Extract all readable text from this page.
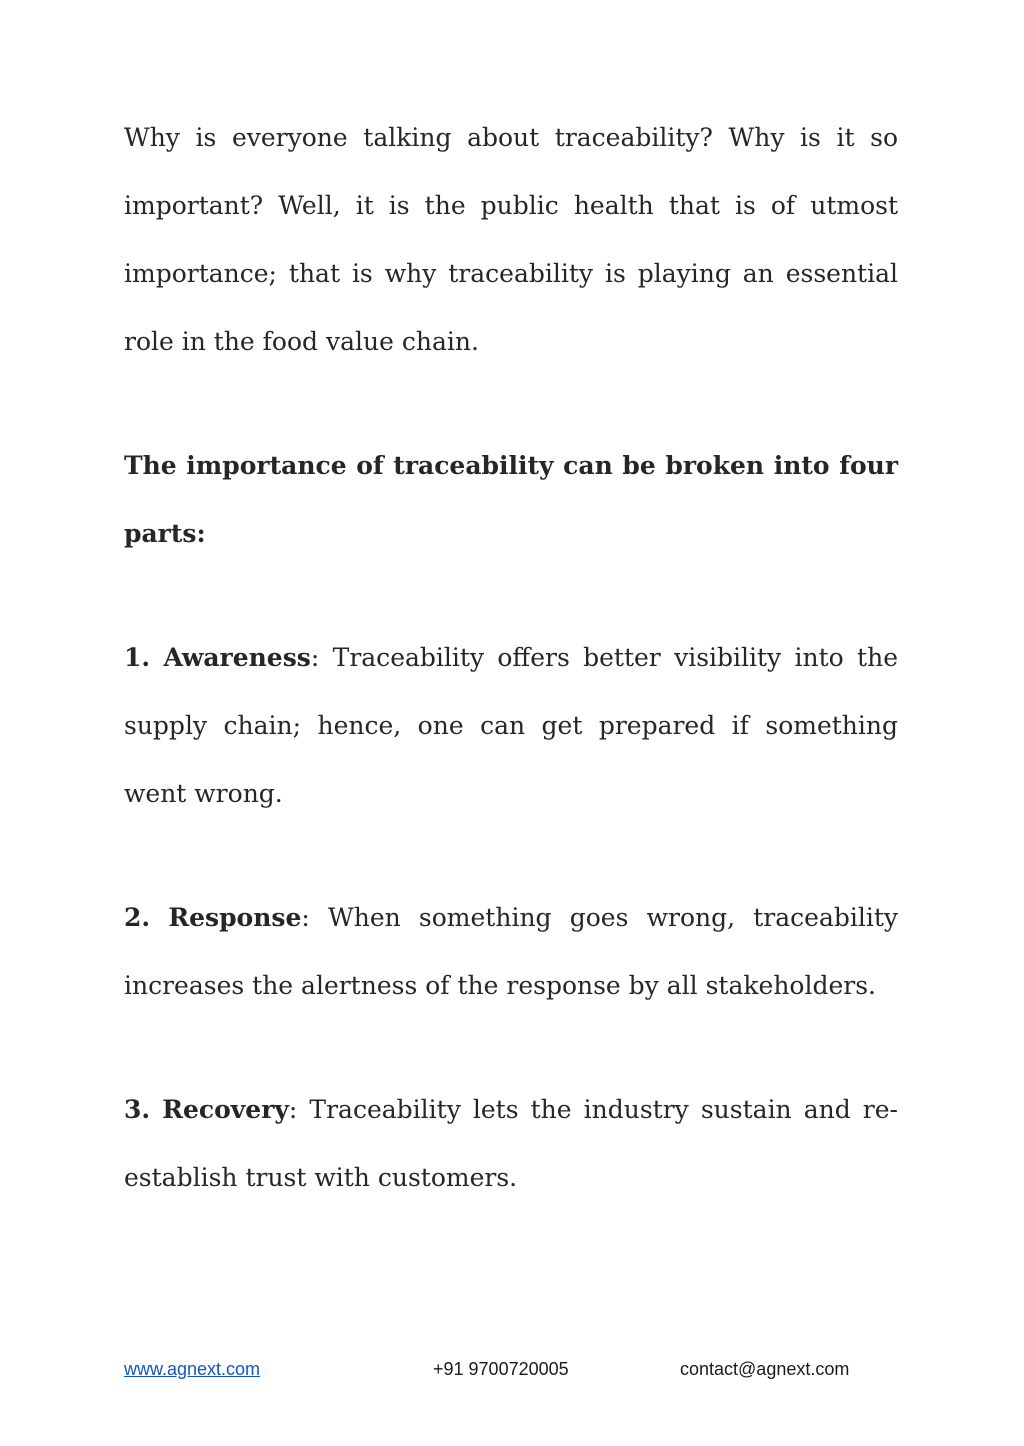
Why is everyone talking about traceability? Why is it so important? Well, it is the public health that is of utmost importance; that is why traceability is playing an essential role in the food value chain.

The importance of traceability can be broken into four parts:

1. Awareness: Traceability offers better visibility into the supply chain; hence, one can get prepared if something went wrong.

2. Response: When something goes wrong, traceability increases the alertness of the response by all stakeholders.

3. Recovery: Traceability lets the industry sustain and re-establish trust with customers.

www.agnext.com	+91 9700720005	contact@agnext.com
